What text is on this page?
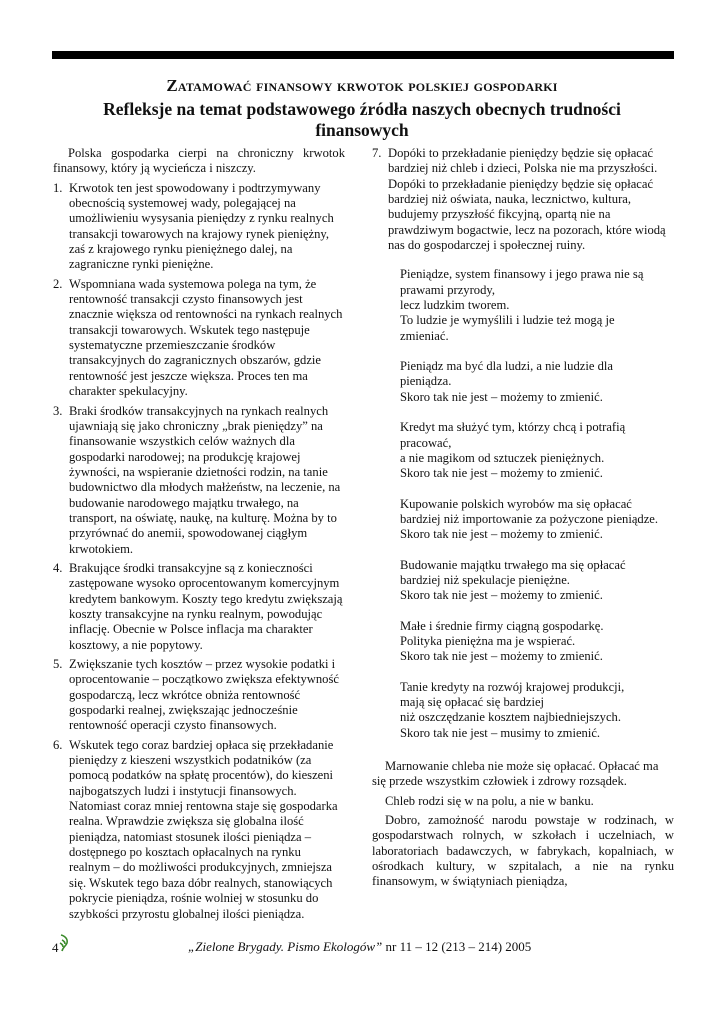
Zatamować finansowy krwotok polskiej gospodarki
Refleksje na temat podstawowego źródła naszych obecnych trudności
finansowych

Polska gospodarka cierpi na chroniczny krwotok finansowy, który ją wycieńcza i niszczy.

1. Krwotok ten jest spowodowany i podtrzymywany obecnością systemowej wady, polegającej na umożliwieniu wysysania pieniędzy z rynku realnych transakcji towarowych na krajowy rynek pieniężny, zaś z krajowego rynku pieniężnego dalej, na zagraniczne rynki pieniężne.
2. Wspomniana wada systemowa polega na tym, że rentowność transakcji czysto finansowych jest znacznie większa od rentowności na rynkach realnych transakcji towarowych. Wskutek tego następuje systematyczne przemieszczanie środków transakcyjnych do zagranicznych obszarów, gdzie rentowność jest jeszcze większa. Proces ten ma charakter spekulacyjny.
3. Braki środków transakcyjnych na rynkach realnych ujawniają się jako chroniczny „brak pieniędzy” na finansowanie wszystkich celów ważnych dla gospodarki narodowej; na produkcję krajowej żywności, na wspieranie dzietności rodzin, na tanie budownictwo dla młodych małżeństw, na leczenie, na budowanie narodowego majątku trwałego, na transport, na oświatę, naukę, na kulturę. Można by to przyrównać do anemii, spowodowanej ciągłym krwotokiem.
4. Brakujące środki transakcyjne są z konieczności zastępowane wysoko oprocentowanym komercyjnym kredytem bankowym. Koszty tego kredytu zwiększają koszty transakcyjne na rynku realnym, powodując inflację. Obecnie w Polsce inflacja ma charakter kosztowy, a nie popytowy.
5. Zwiększanie tych kosztów – przez wysokie podatki i oprocentowanie – początkowo zwiększa efektywność gospodarczą, lecz wkrótce obniża rentowność gospodarki realnej, zwiększając jednocześnie rentowność operacji czysto finansowych.
6. Wskutek tego coraz bardziej opłaca się przekładanie pieniędzy z kieszeni wszystkich podatników (za pomocą podatków na spłatę procentów), do kieszeni najbogatszych ludzi i instytucji finansowych. Natomiast coraz mniej rentowna staje się gospodarka realna. Wprawdzie zwiększa się globalna ilość pieniądza, natomiast stosunek ilości pieniądza – dostępnego po kosztach opłacalnych na rynku realnym – do możliwości produkcyjnych, zmniejsza się. Wskutek tego baza dóbr realnych, stanowiących pokrycie pieniądza, rośnie wolniej w stosunku do szybkości przyrostu globalnej ilości pieniądza.
7. Dopóki to przekładanie pieniędzy będzie się opłacać bardziej niż chleb i dzieci, Polska nie ma przyszłości. Dopóki to przekładanie pieniędzy będzie się opłacać bardziej niż oświata, nauka, lecznictwo, kultura, budujemy przyszłość fikcyjną, opartą nie na prawdziwym bogactwie, lecz na pozorach, które wiodą nas do gospodarczej i społecznej ruiny.
Pieniądze, system finansowy i jego prawa nie są
prawami przyrody,
lecz ludzkim tworem.
To ludzie je wymyślili i ludzie też mogą je
zmieniać.
Pieniądz ma być dla ludzi, a nie ludzie dla
pieniądza.
Skoro tak nie jest – możemy to zmienić.
Kredyt ma służyć tym, którzy chcą i potrafią
pracować,
a nie magikom od sztuczek pieniężnych.
Skoro tak nie jest – możemy to zmienić.
Kupowanie polskich wyrobów ma się opłacać
bardziej niż importowanie za pożyczone pieniądze.
Skoro tak nie jest – możemy to zmienić.
Budowanie majątku trwałego ma się opłacać
bardziej niż spekulacje pieniężne.
Skoro tak nie jest – możemy to zmienić.
Małe i średnie firmy ciągną gospodarkę.
Polityka pieniężna ma je wspierać.
Skoro tak nie jest – możemy to zmienić.
Tanie kredyty na rozwój krajowej produkcji,
mają się opłacać się bardziej
niż oszczędzanie kosztem najbiedniejszych.
Skoro tak nie jest – musimy to zmienić.

Marnowanie chleba nie może się opłacać. Opłacać ma się przede wszystkim człowiek i zdrowy rozsądek.

Chleb rodzi się w na polu, a nie w banku.

Dobro, zamożność narodu powstaje w rodzinach, w gospodarstwach rolnych, w szkołach i uczelniach, w laboratoriach badawczych, w fabrykach, kopalniach, w ośrodkach kultury, w szpitalach, a nie na rynku finansowym, w świątyniach pieniądza,

4	„Zielone Brygady. Pismo Ekologów” nr 11 – 12 (213 – 214) 2005
